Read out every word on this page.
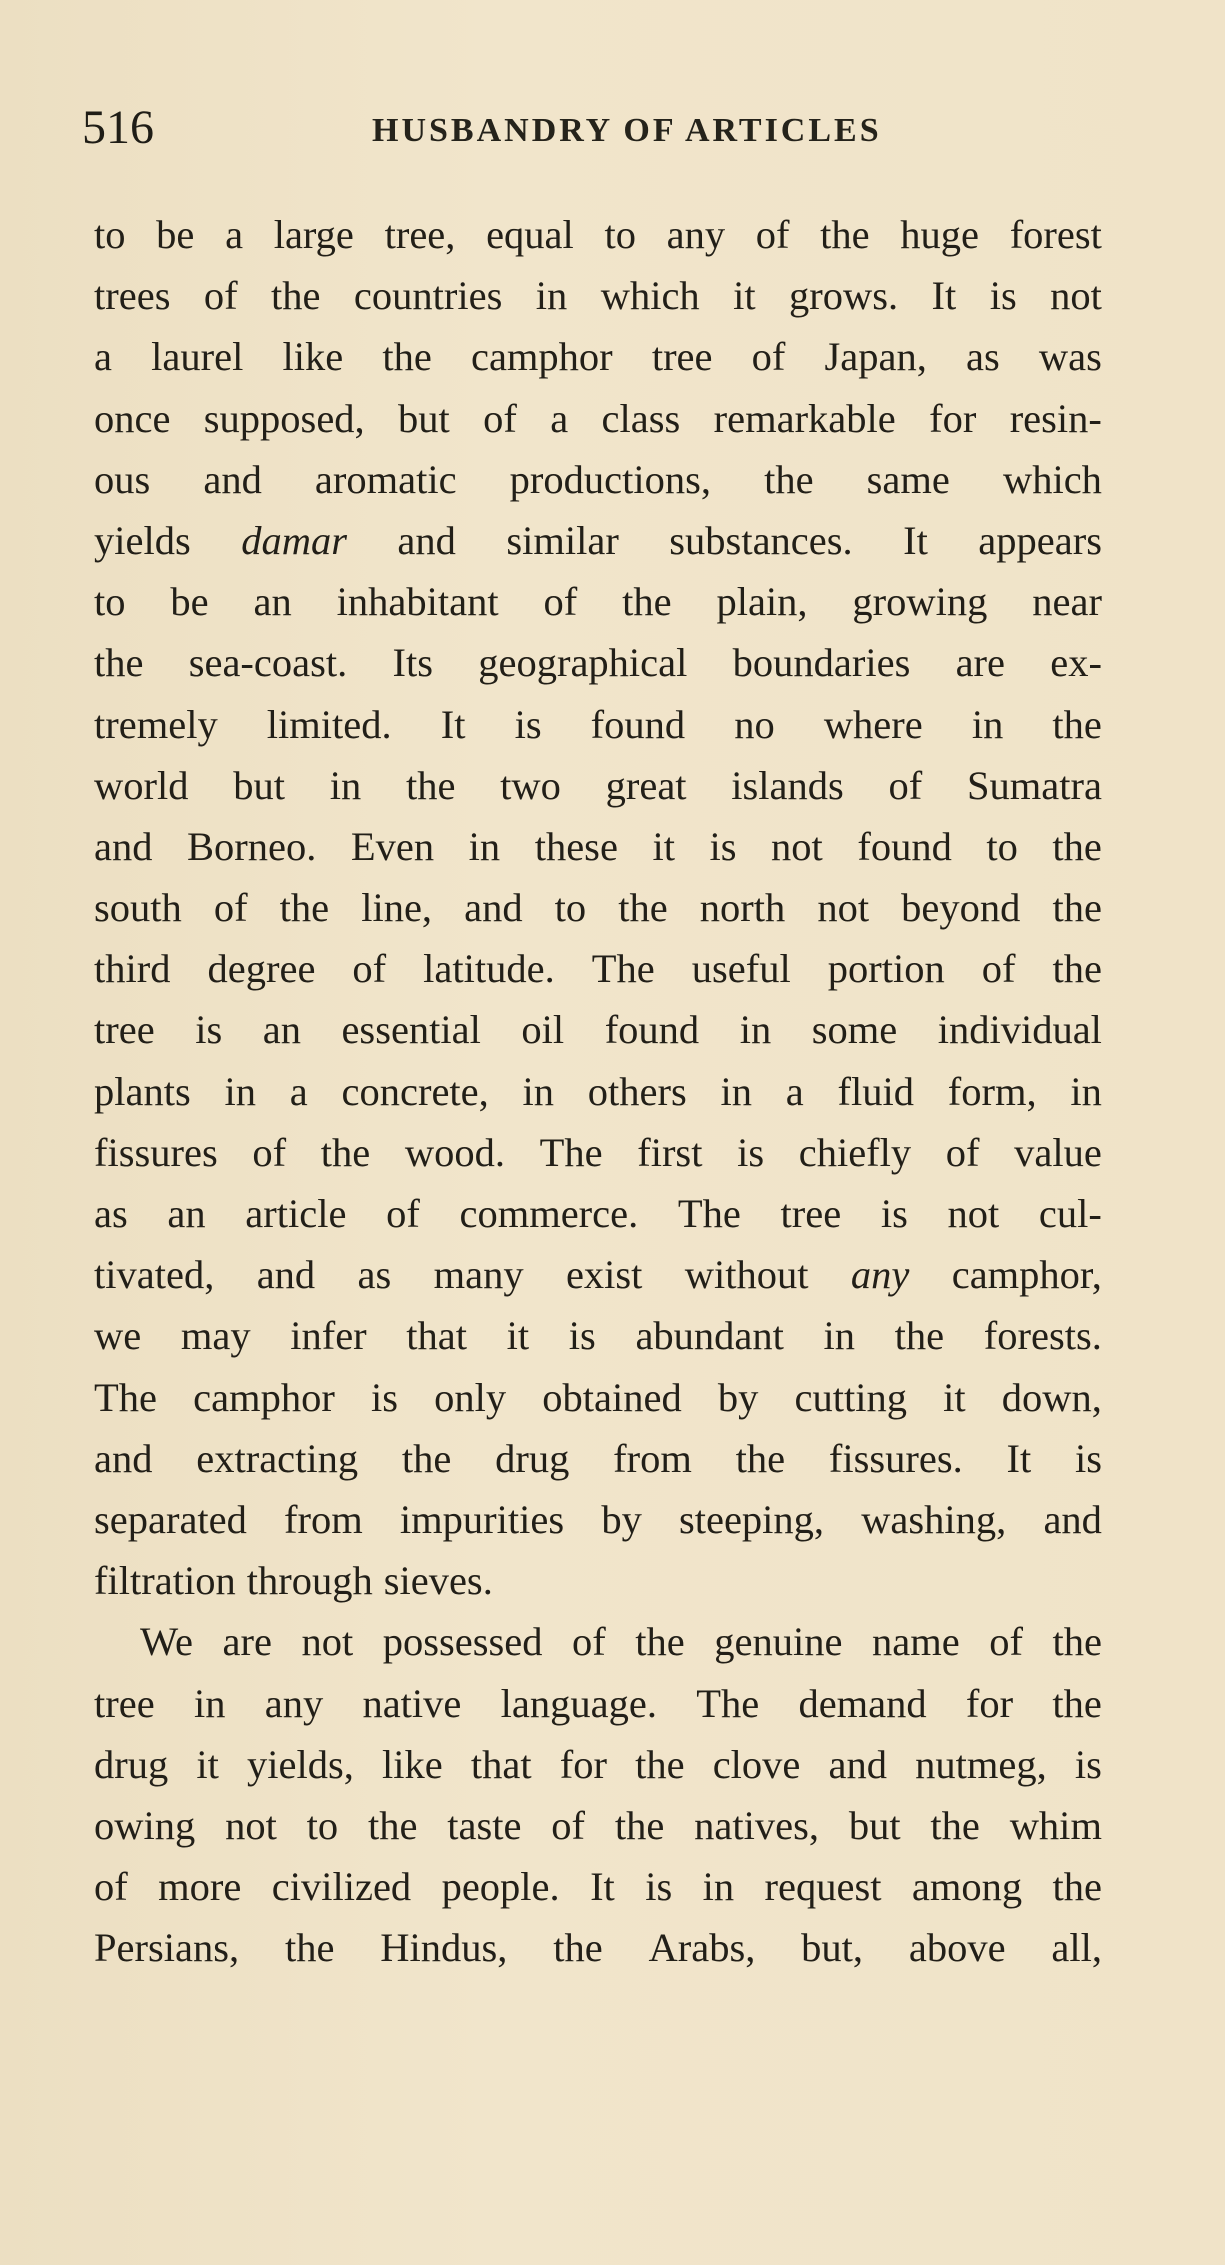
516	HUSBANDRY OF ARTICLES
to be a large tree, equal to any of the huge forest
trees of the countries in which it grows. It is not
a laurel like the camphor tree of Japan, as was
once supposed, but of a class remarkable for resin-
ous and aromatic productions, the same which
yields damar and similar substances. It appears
to be an inhabitant of the plain, growing near
the sea-coast. Its geographical boundaries are ex-
tremely limited. It is found no where in the
world but in the two great islands of Sumatra
and Borneo. Even in these it is not found to the
south of the line, and to the north not beyond the
third degree of latitude. The useful portion of the
tree is an essential oil found in some individual
plants in a concrete, in others in a fluid form, in
fissures of the wood. The first is chiefly of value
as an article of commerce. The tree is not cul-
tivated, and as many exist without any camphor,
we may infer that it is abundant in the forests.
The camphor is only obtained by cutting it down,
and extracting the drug from the fissures. It is
separated from impurities by steeping, washing, and
filtration through sieves.
We are not possessed of the genuine name of the
tree in any native language. The demand for the
drug it yields, like that for the clove and nutmeg, is
owing not to the taste of the natives, but the whim
of more civilized people. It is in request among the
Persians, the Hindus, the Arabs, but, above all,
